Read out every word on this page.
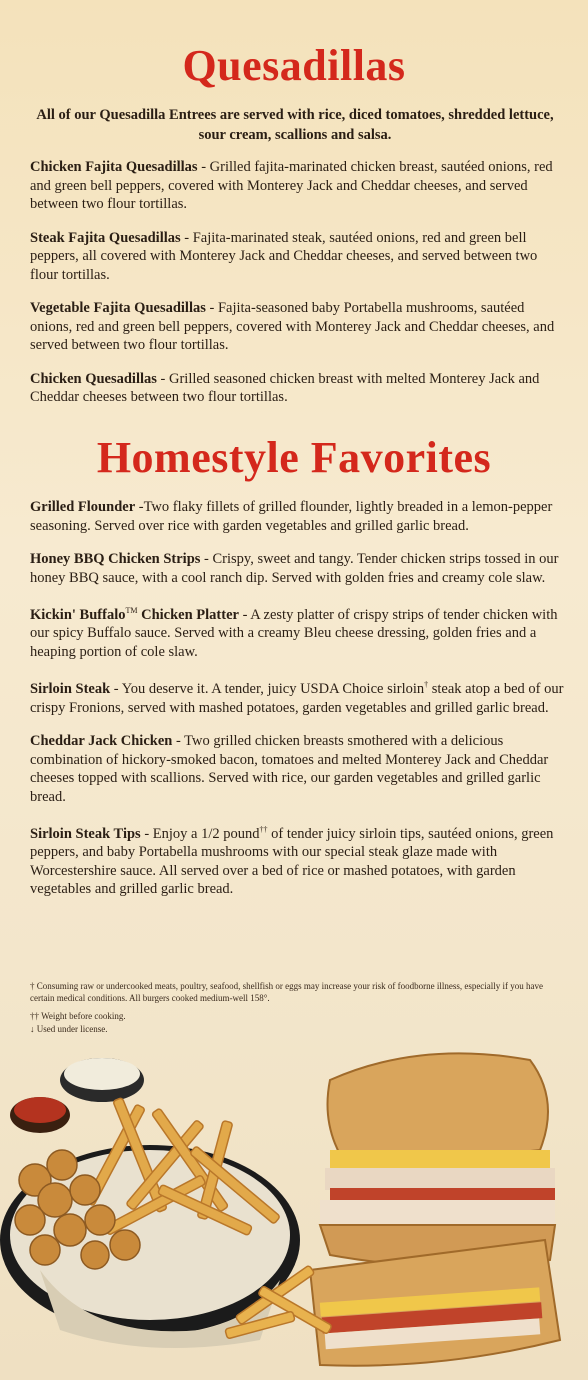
Quesadillas
All of our Quesadilla Entrees are served with rice, diced tomatoes, shredded lettuce, sour cream, scallions and salsa.

Chicken Fajita Quesadillas - Grilled fajita-marinated chicken breast, sautéed onions, red and green bell peppers, covered with Monterey Jack and Cheddar cheeses, and served between two flour tortillas.

Steak Fajita Quesadillas - Fajita-marinated steak, sautéed onions, red and green bell peppers, all covered with Monterey Jack and Cheddar cheeses, and served between two flour tortillas.

Vegetable Fajita Quesadillas - Fajita-seasoned baby Portabella mushrooms, sautéed onions, red and green bell peppers, covered with Monterey Jack and Cheddar cheeses, and served between two flour tortillas.

Chicken Quesadillas - Grilled seasoned chicken breast with melted Monterey Jack and Cheddar cheeses between two flour tortillas.

Homestyle Favorites

Grilled Flounder -Two flaky fillets of grilled flounder, lightly breaded in a lemon-pepper seasoning. Served over rice with garden vegetables and grilled garlic bread.

Honey BBQ Chicken Strips - Crispy, sweet and tangy. Tender chicken strips tossed in our honey BBQ sauce, with a cool ranch dip. Served with golden fries and creamy cole slaw.

Kickin' Buffalo™ Chicken Platter - A zesty platter of crispy strips of tender chicken with our spicy Buffalo sauce. Served with a creamy Bleu cheese dressing, golden fries and a heaping portion of cole slaw.

Sirloin Steak - You deserve it. A tender, juicy USDA Choice sirloin† steak atop a bed of our crispy Fronions, served with mashed potatoes, garden vegetables and grilled garlic bread.

Cheddar Jack Chicken - Two grilled chicken breasts smothered with a delicious combination of hickory-smoked bacon, tomatoes and melted Monterey Jack and Cheddar cheeses topped with scallions. Served with rice, our garden vegetables and grilled garlic bread.

Sirloin Steak Tips - Enjoy a 1/2 pound†† of tender juicy sirloin tips, sautéed onions, green peppers, and baby Portabella mushrooms with our special steak glaze made with Worcestershire sauce. All served over a bed of rice or mashed potatoes, with garden vegetables and grilled garlic bread.

† Consuming raw or undercooked meats, poultry, seafood, shellfish or eggs may increase your risk of foodborne illness, especially if you have certain medical conditions. All burgers cooked medium-well 158°.

†† Weight before cooking.

↓ Used under license.
